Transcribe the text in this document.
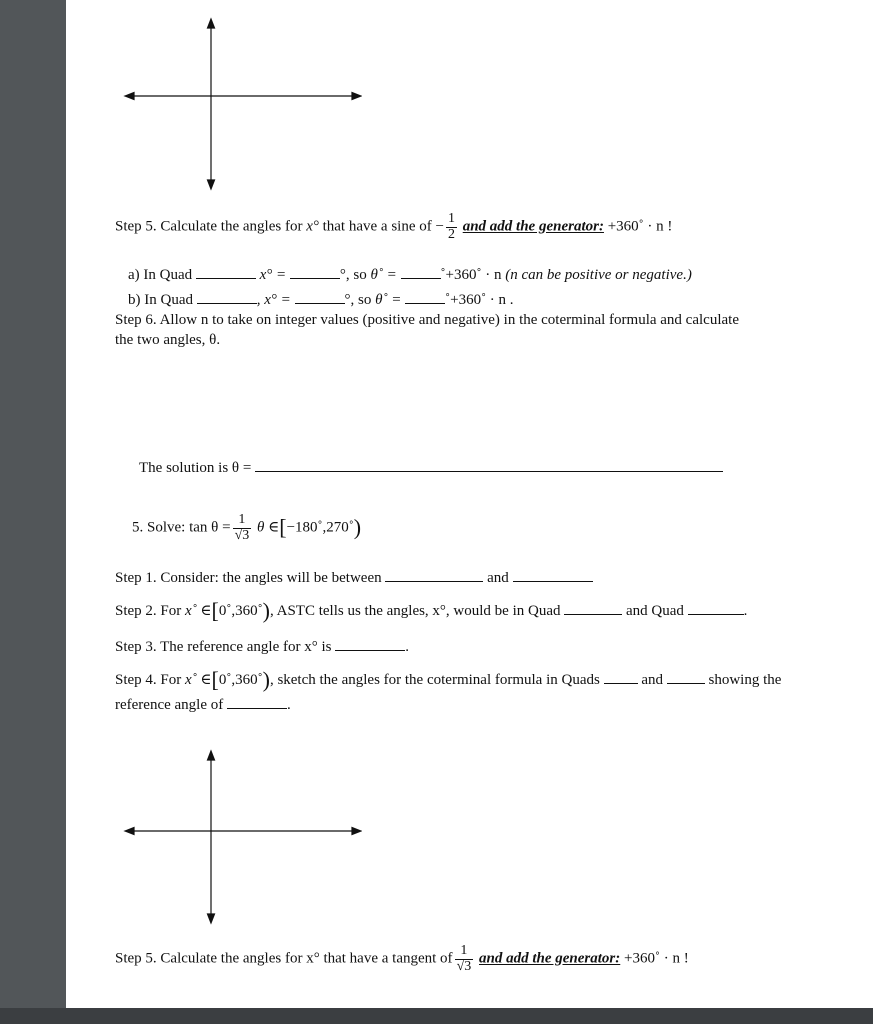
Step 5. Calculate the angles for x° that have a sine of − $\frac{1}{2}$ and add the generator: +360˚ · n !
a) In Quad	x° =	°, so θ˚ =	˚+360˚ · n (n can be positive or negative.)
b) In Quad	, x° =	°, so θ˚ =	˚+360˚ · n .
Step 6. Allow n to take on integer values (positive and negative) in the coterminal formula and calculate
the two angles, θ.
The solution is θ =
5. Solve: $\tan \theta = \frac{1}{√3}$ θ ∈[−180˚,270˚)
Step 1. Consider: the angles will be between	and
Step 2. For x˚ ∈[0˚,360˚), ASTC tells us the angles, x°, would be in Quad	and Quad	.
Step 3. The reference angle for x° is	.
Step 4. For x˚ ∈[0˚,360˚), sketch the angles for the coterminal formula in Quads	and	showing the
reference angle of	.
Step 5. Calculate the angles for x° that have a tangent of $\frac{1}{√3}$ and add the generator: +360˚ · n !
